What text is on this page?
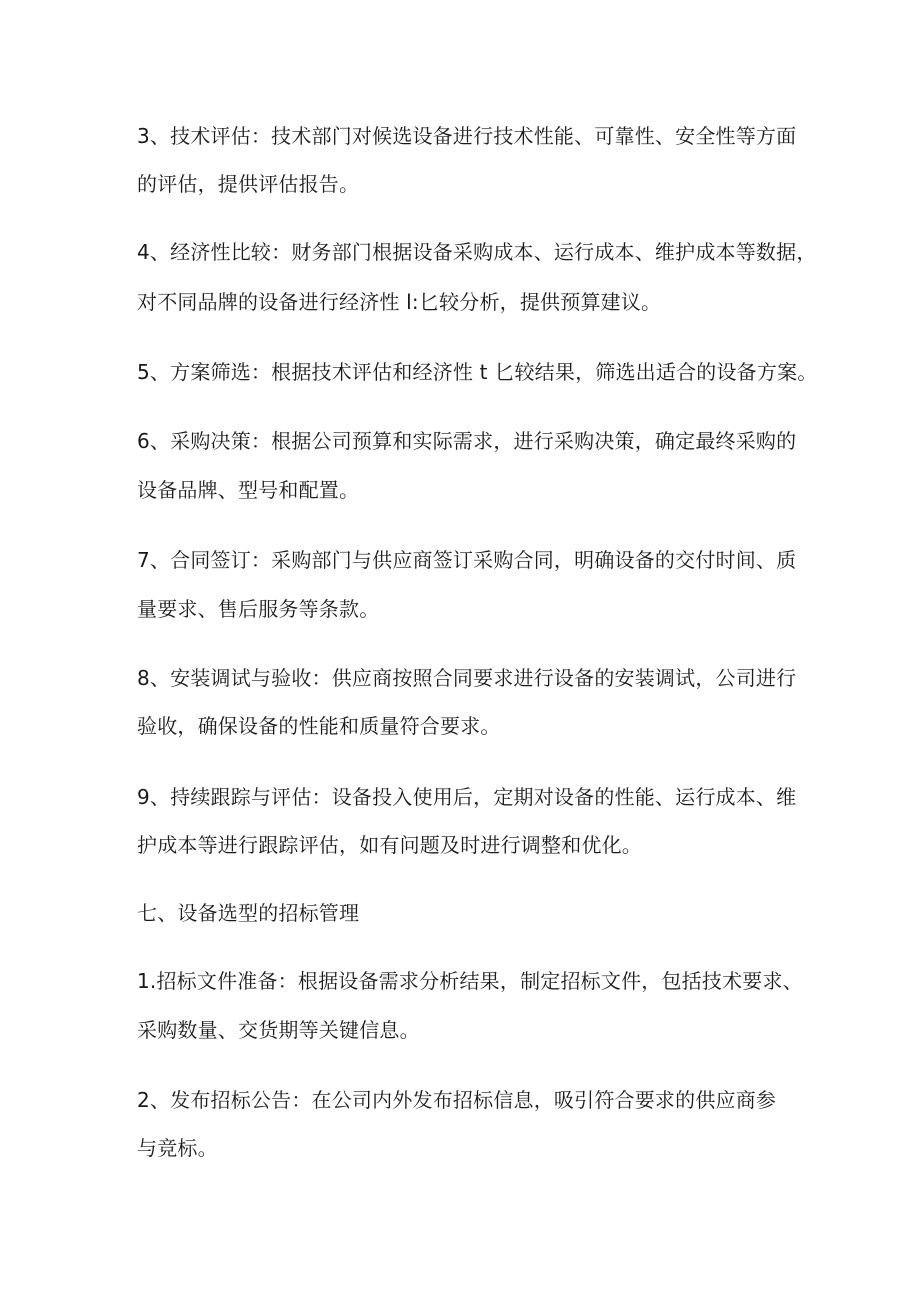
3、技术评估：技术部门对候选设备进行技术性能、可靠性、安全性等方面
的评估，提供评估报告。
4、经济性比较：财务部门根据设备采购成本、运行成本、维护成本等数据，
对不同品牌的设备进行经济性 l:匕较分析，提供预算建议。
5、方案筛选：根据技术评估和经济性 t 匕较结果，筛选出适合的设备方案。
6、采购决策：根据公司预算和实际需求，进行采购决策，确定最终采购的
设备品牌、型号和配置。
7、合同签订：采购部门与供应商签订采购合同，明确设备的交付时间、质
量要求、售后服务等条款。
8、安装调试与验收：供应商按照合同要求进行设备的安装调试，公司进行
验收，确保设备的性能和质量符合要求。
9、持续跟踪与评估：设备投入使用后，定期对设备的性能、运行成本、维
护成本等进行跟踪评估，如有问题及时进行调整和优化。
七、设备选型的招标管理
1.招标文件准备：根据设备需求分析结果，制定招标文件，包括技术要求、
采购数量、交货期等关键信息。
2、发布招标公告：在公司内外发布招标信息，吸引符合要求的供应商参
与竞标。
